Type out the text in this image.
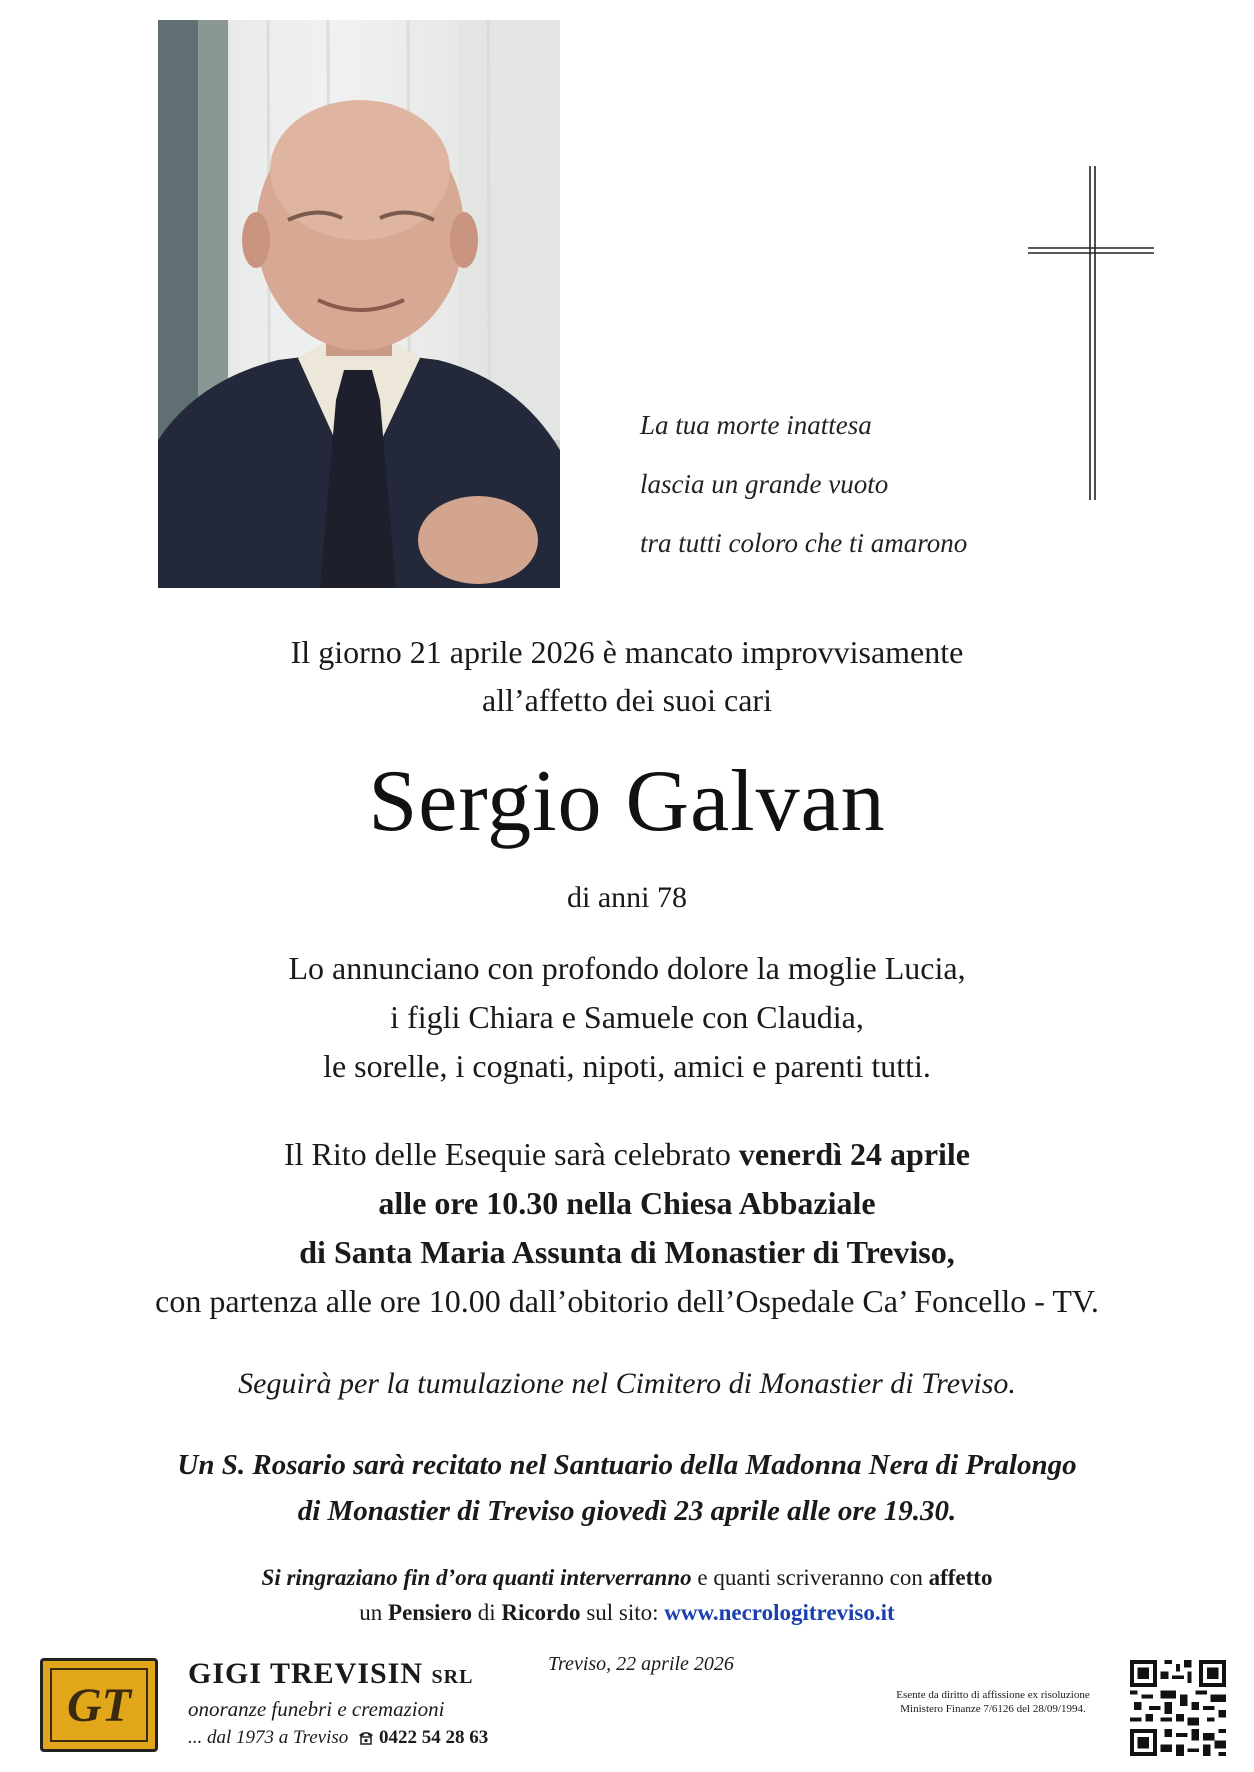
La tua morte inattesa
lascia un grande vuoto
tra tutti coloro che ti amarono
Il giorno 21 aprile 2026 è mancato improvvisamente
all’affetto dei suoi cari
Sergio Galvan
di anni 78
Lo annunciano con profondo dolore la moglie Lucia,
i figli Chiara e Samuele con Claudia,
le sorelle, i cognati, nipoti, amici e parenti tutti.
Il Rito delle Esequie sarà celebrato venerdì 24 aprile
alle ore 10.30 nella Chiesa Abbaziale
di Santa Maria Assunta di Monastier di Treviso,
con partenza alle ore 10.00 dall’obitorio dell’Ospedale Ca’ Foncello - TV.
Seguirà per la tumulazione nel Cimitero di Monastier di Treviso.
Un S. Rosario sarà recitato nel Santuario della Madonna Nera di Pralongo
di Monastier di Treviso giovedì 23 aprile alle ore 19.30.
Si ringraziano fin d’ora quanti interverranno e quanti scriveranno con affetto
un Pensiero di Ricordo sul sito: www.necrologitreviso.it
GT
GIGI TREVISIN SRL
onoranze funebri e cremazioni
... dal 1973 a Treviso 0422 54 28 63
Treviso, 22 aprile 2026
Esente da diritto di affissione ex risoluzione
Ministero Finanze 7/6126 del 28/09/1994.
